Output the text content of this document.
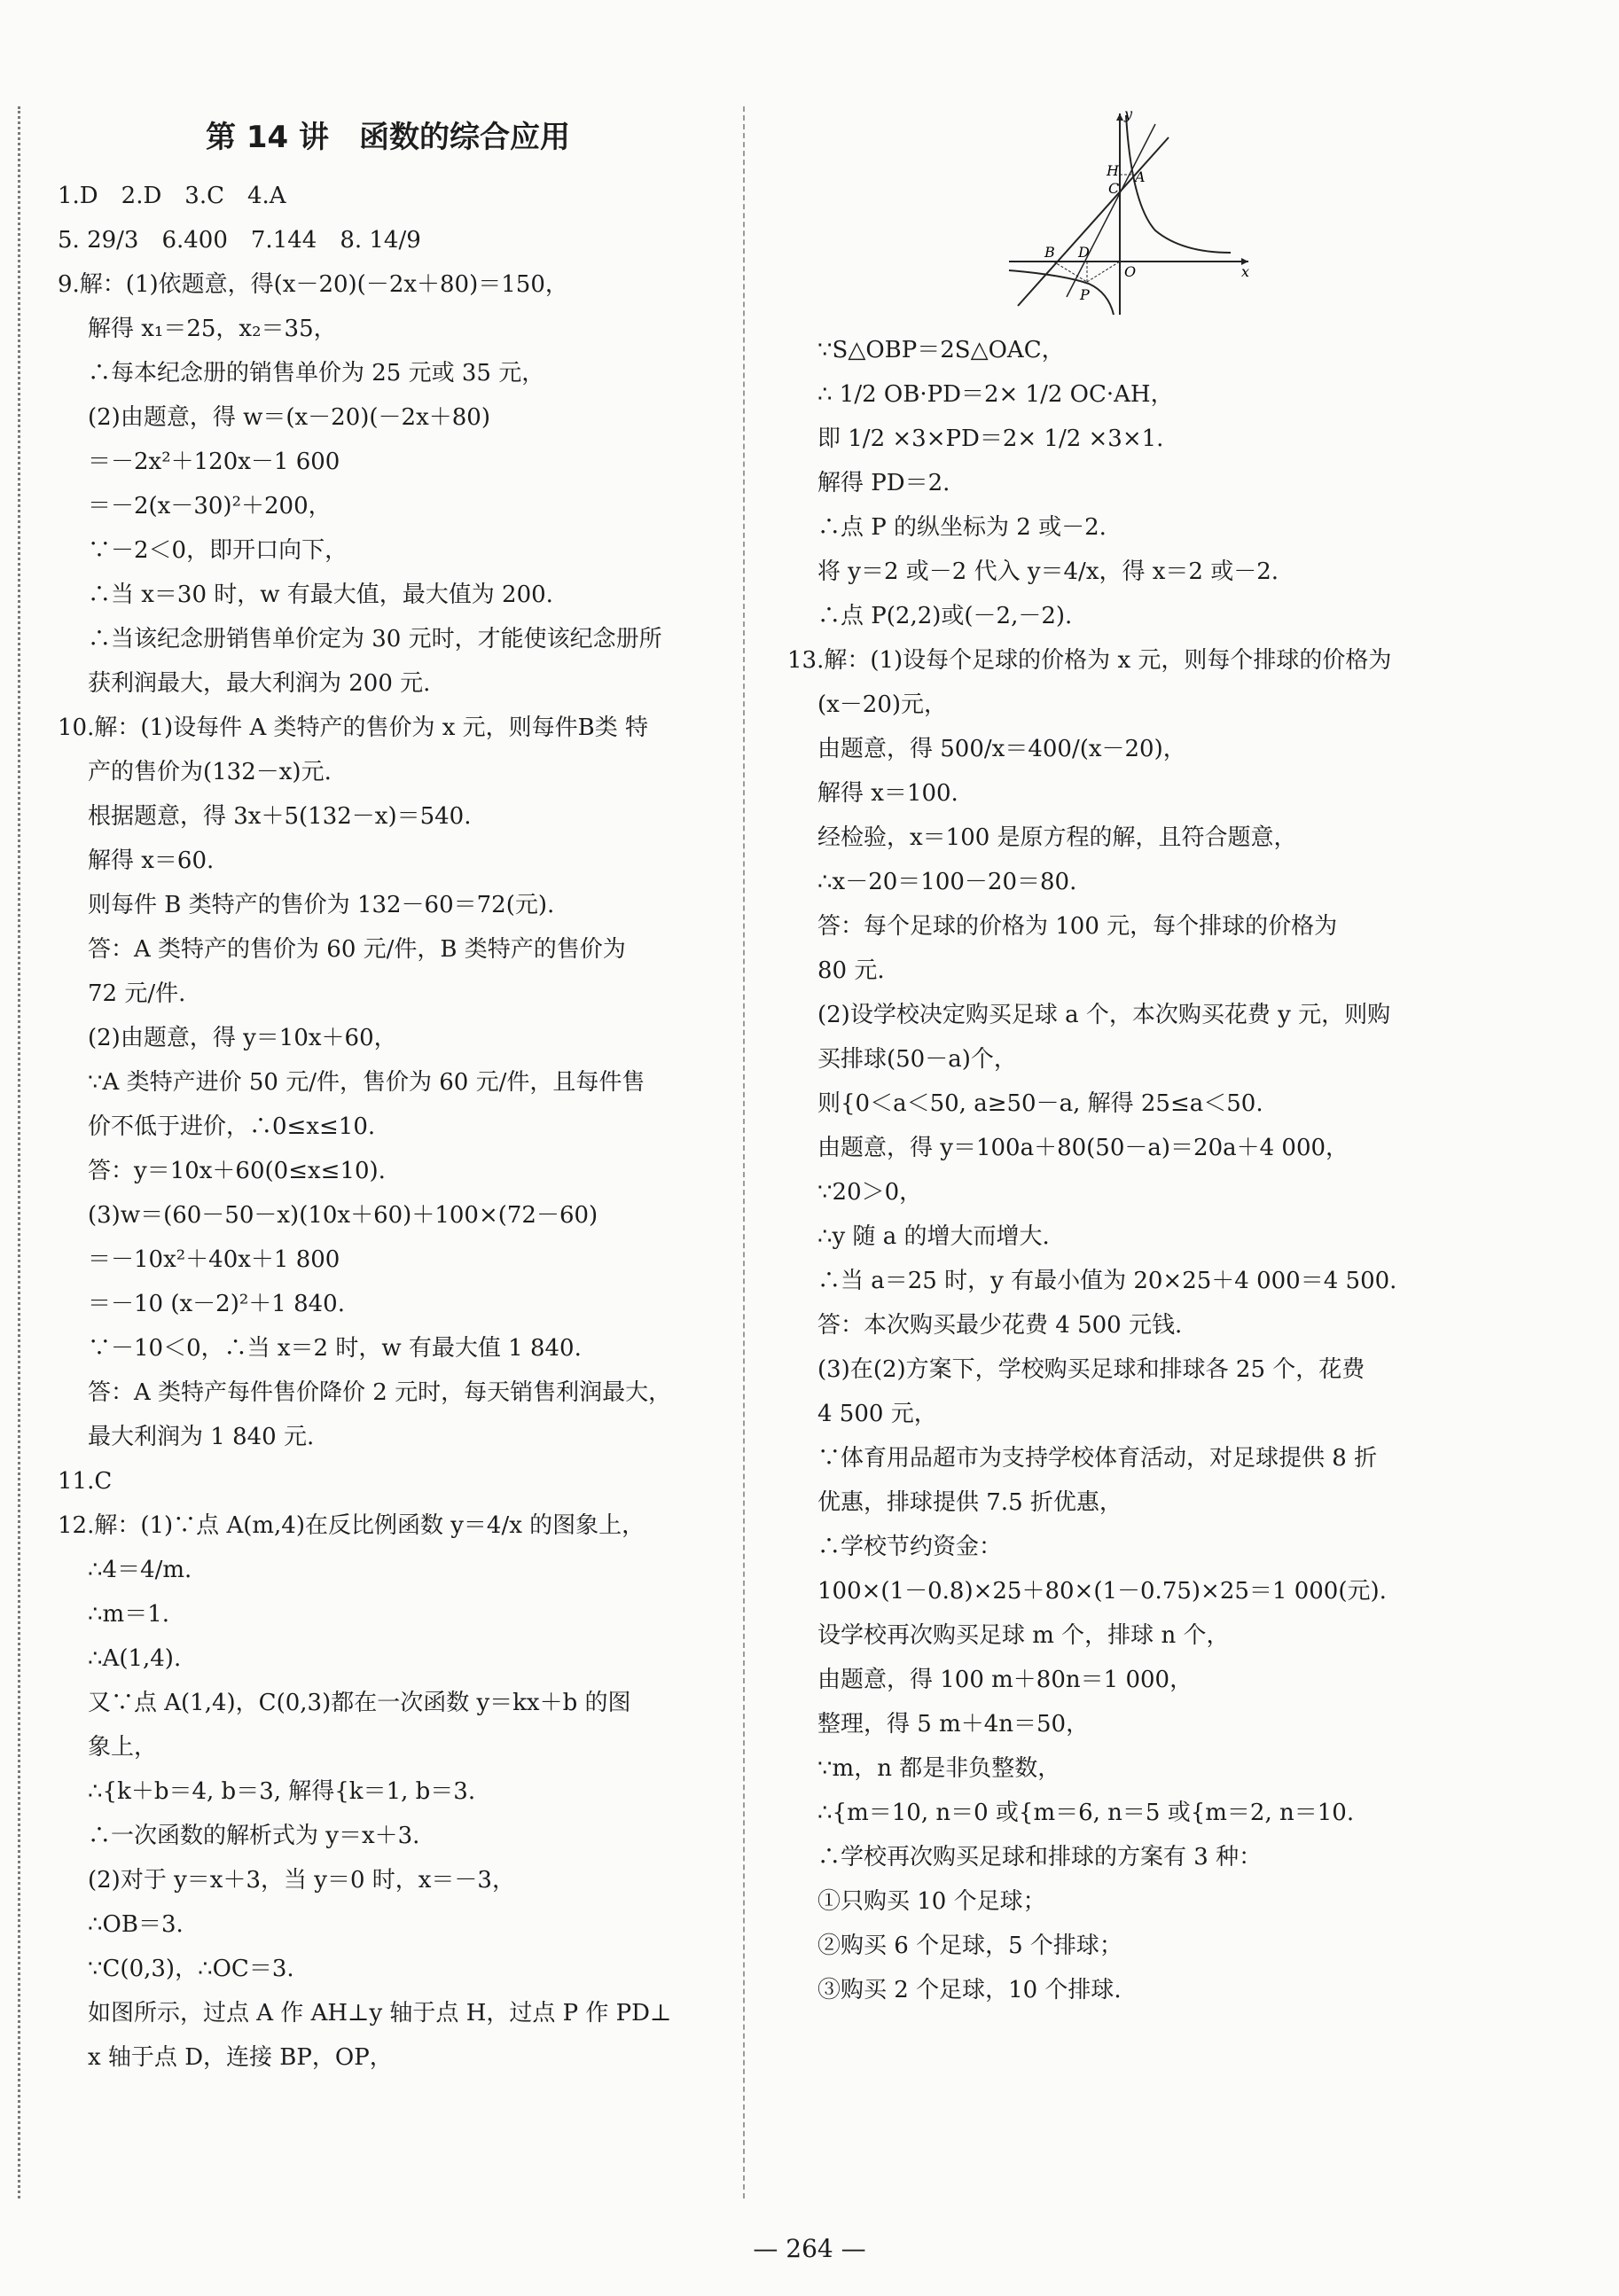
第 14 讲　函数的综合应用
1.D　2.D　3.C　4.A
5. 29/3　6.400　7.144　8. 14/9
9.解：(1)依题意，得(x－20)(－2x＋80)＝150，
解得 x₁＝25，x₂＝35，
∴每本纪念册的销售单价为 25 元或 35 元，
(2)由题意，得 w＝(x－20)(－2x＋80)
＝－2x²＋120x－1 600
＝－2(x－30)²＋200，
∵－2＜0，即开口向下，
∴当 x＝30 时，w 有最大值，最大值为 200.
∴当该纪念册销售单价定为 30 元时，才能使该纪念册所
获利润最大，最大利润为 200 元.
10.解：(1)设每件 A 类特产的售价为 x 元，则每件B类 特
产的售价为(132－x)元.
根据题意，得 3x＋5(132－x)＝540.
解得 x＝60.
则每件 B 类特产的售价为 132－60＝72(元).
答：A 类特产的售价为 60 元/件，B 类特产的售价为
72 元/件.
(2)由题意，得 y＝10x＋60，
∵A 类特产进价 50 元/件，售价为 60 元/件，且每件售
价不低于进价，∴0≤x≤10.
答：y＝10x＋60(0≤x≤10).
(3)w＝(60－50－x)(10x＋60)＋100×(72－60)
＝－10x²＋40x＋1 800
＝－10 (x－2)²＋1 840.
∵－10＜0，∴当 x＝2 时，w 有最大值 1 840.
答：A 类特产每件售价降价 2 元时，每天销售利润最大，
最大利润为 1 840 元.
11.C
12.解：(1)∵点 A(m,4)在反比例函数 y＝4/x 的图象上，
∴4＝4/m.
∴m＝1.
∴A(1,4).
又∵点 A(1,4)，C(0,3)都在一次函数 y＝kx＋b 的图
象上，
∴{k＋b＝4, b＝3, 解得{k＝1, b＝3.
∴一次函数的解析式为 y＝x＋3.
(2)对于 y＝x＋3，当 y＝0 时，x＝－3，
∴OB＝3.
∵C(0,3)，∴OC＝3.
如图所示，过点 A 作 AH⊥y 轴于点 H，过点 P 作 PD⊥
x 轴于点 D，连接 BP，OP，
y
H
C
A
B D
O
P
x
∵S△OBP＝2S△OAC，
∴ 1/2 OB·PD＝2× 1/2 OC·AH，
即 1/2 ×3×PD＝2× 1/2 ×3×1.
解得 PD＝2.
∴点 P 的纵坐标为 2 或－2.
将 y＝2 或－2 代入 y＝4/x，得 x＝2 或－2.
∴点 P(2,2)或(－2,－2).
13.解：(1)设每个足球的价格为 x 元，则每个排球的价格为
(x－20)元，
由题意，得 500/x＝400/(x－20)，
解得 x＝100.
经检验，x＝100 是原方程的解，且符合题意，
∴x－20＝100－20＝80.
答：每个足球的价格为 100 元，每个排球的价格为
80 元.
(2)设学校决定购买足球 a 个，本次购买花费 y 元，则购
买排球(50－a)个，
则{0＜a＜50, a≥50－a, 解得 25≤a＜50.
由题意，得 y＝100a＋80(50－a)＝20a＋4 000，
∵20＞0，
∴y 随 a 的增大而增大.
∴当 a＝25 时，y 有最小值为 20×25＋4 000＝4 500.
答：本次购买最少花费 4 500 元钱.
(3)在(2)方案下，学校购买足球和排球各 25 个，花费
4 500 元，
∵体育用品超市为支持学校体育活动，对足球提供 8 折
优惠，排球提供 7.5 折优惠，
∴学校节约资金：
100×(1－0.8)×25＋80×(1－0.75)×25＝1 000(元).
设学校再次购买足球 m 个，排球 n 个，
由题意，得 100 m＋80n＝1 000，
整理，得 5 m＋4n＝50，
∵m，n 都是非负整数，
∴{m＝10, n＝0 或{m＝6, n＝5 或{m＝2, n＝10.
∴学校再次购买足球和排球的方案有 3 种：
①只购买 10 个足球；
②购买 6 个足球，5 个排球；
③购买 2 个足球，10 个排球.
— 264 —
